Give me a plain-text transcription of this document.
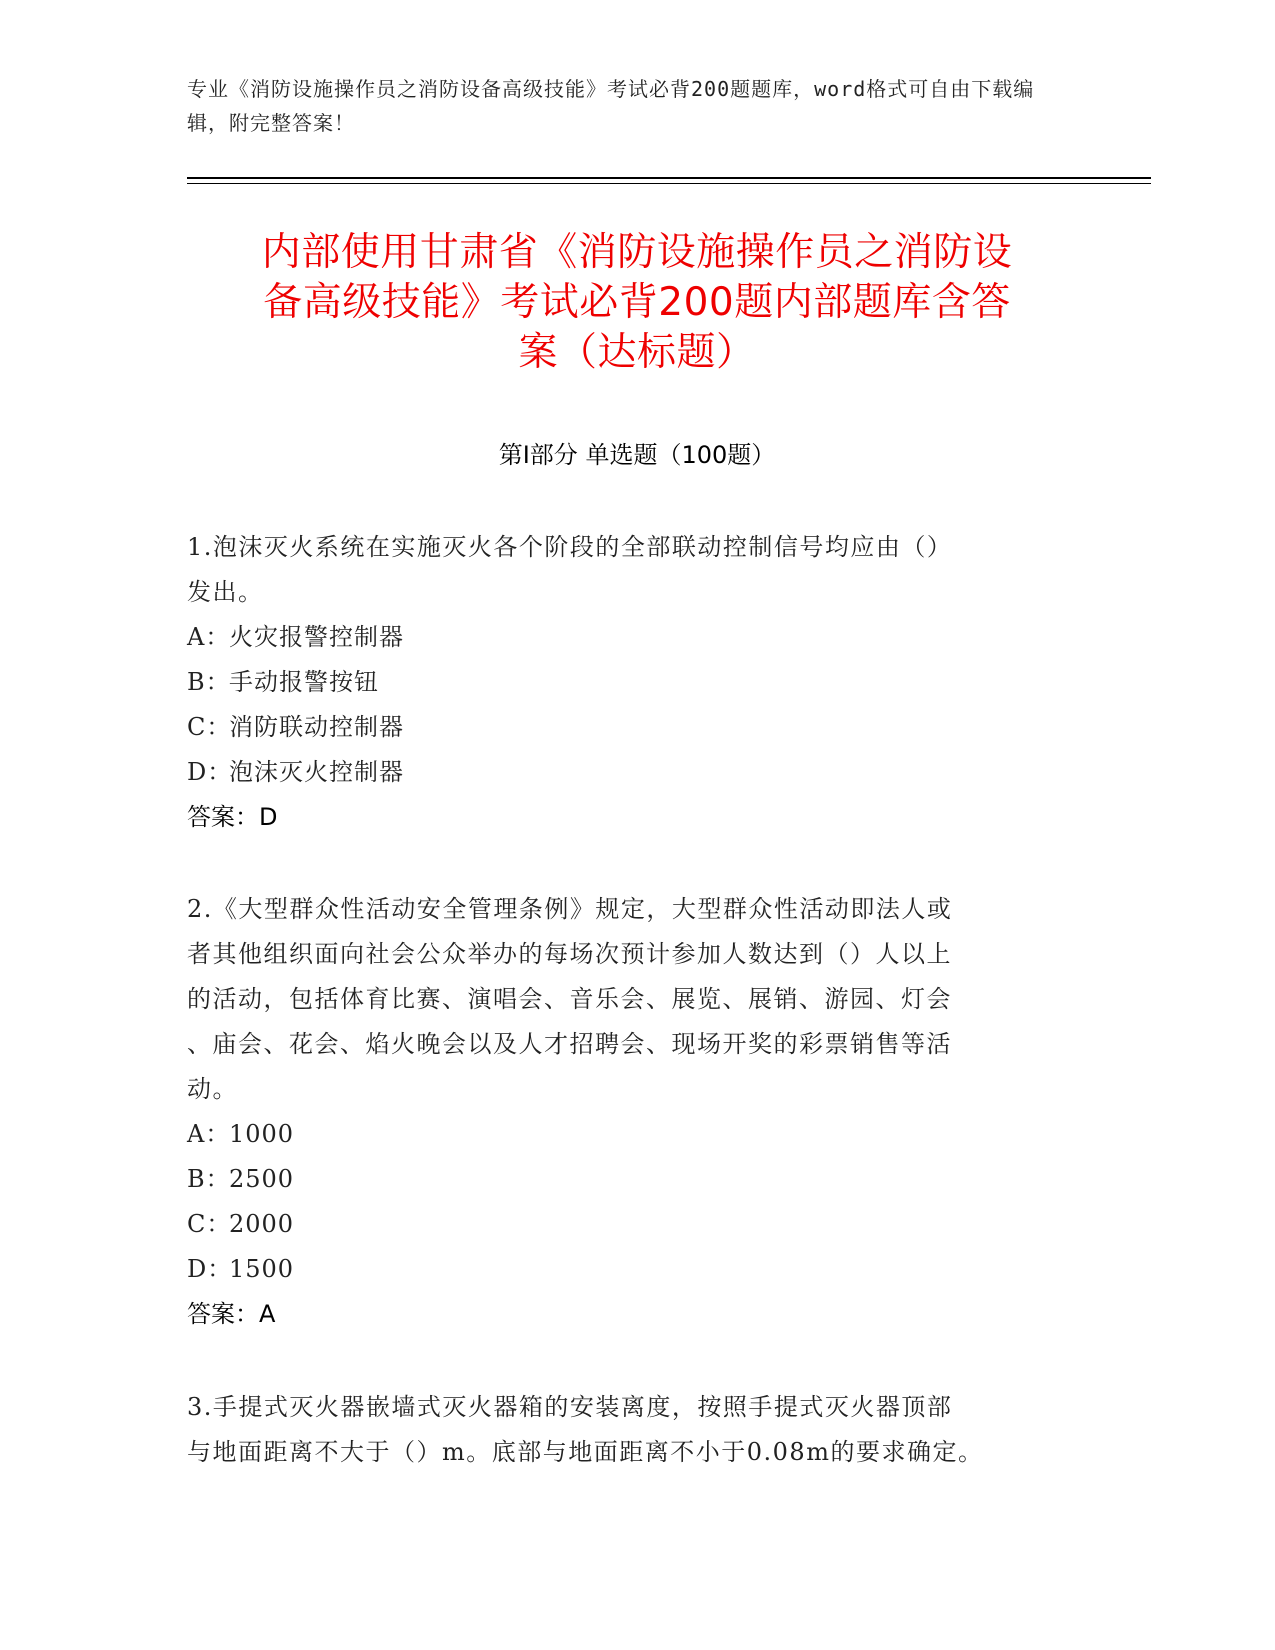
专业《消防设施操作员之消防设备高级技能》考试必背200题题库，word格式可自由下载编辑，附完整答案！
内部使用甘肃省《消防设施操作员之消防设
备高级技能》考试必背200题内部题库含答
案（达标题）
第Ⅰ部分 单选题（100题）
1.泡沫灭火系统在实施灭火各个阶段的全部联动控制信号均应由（）
发出。
A：火灾报警控制器
B：手动报警按钮
C：消防联动控制器
D：泡沫灭火控制器
答案：D
2.《大型群众性活动安全管理条例》规定，大型群众性活动即法人或
者其他组织面向社会公众举办的每场次预计参加人数达到（）人以上
的活动，包括体育比赛、演唱会、音乐会、展览、展销、游园、灯会
、庙会、花会、焰火晚会以及人才招聘会、现场开奖的彩票销售等活
动。
A：1000
B：2500
C：2000
D：1500
答案：A
3.手提式灭火器嵌墙式灭火器箱的安装离度，按照手提式灭火器顶部
与地面距离不大于（）m。底部与地面距离不小于0.08m的要求确定。
